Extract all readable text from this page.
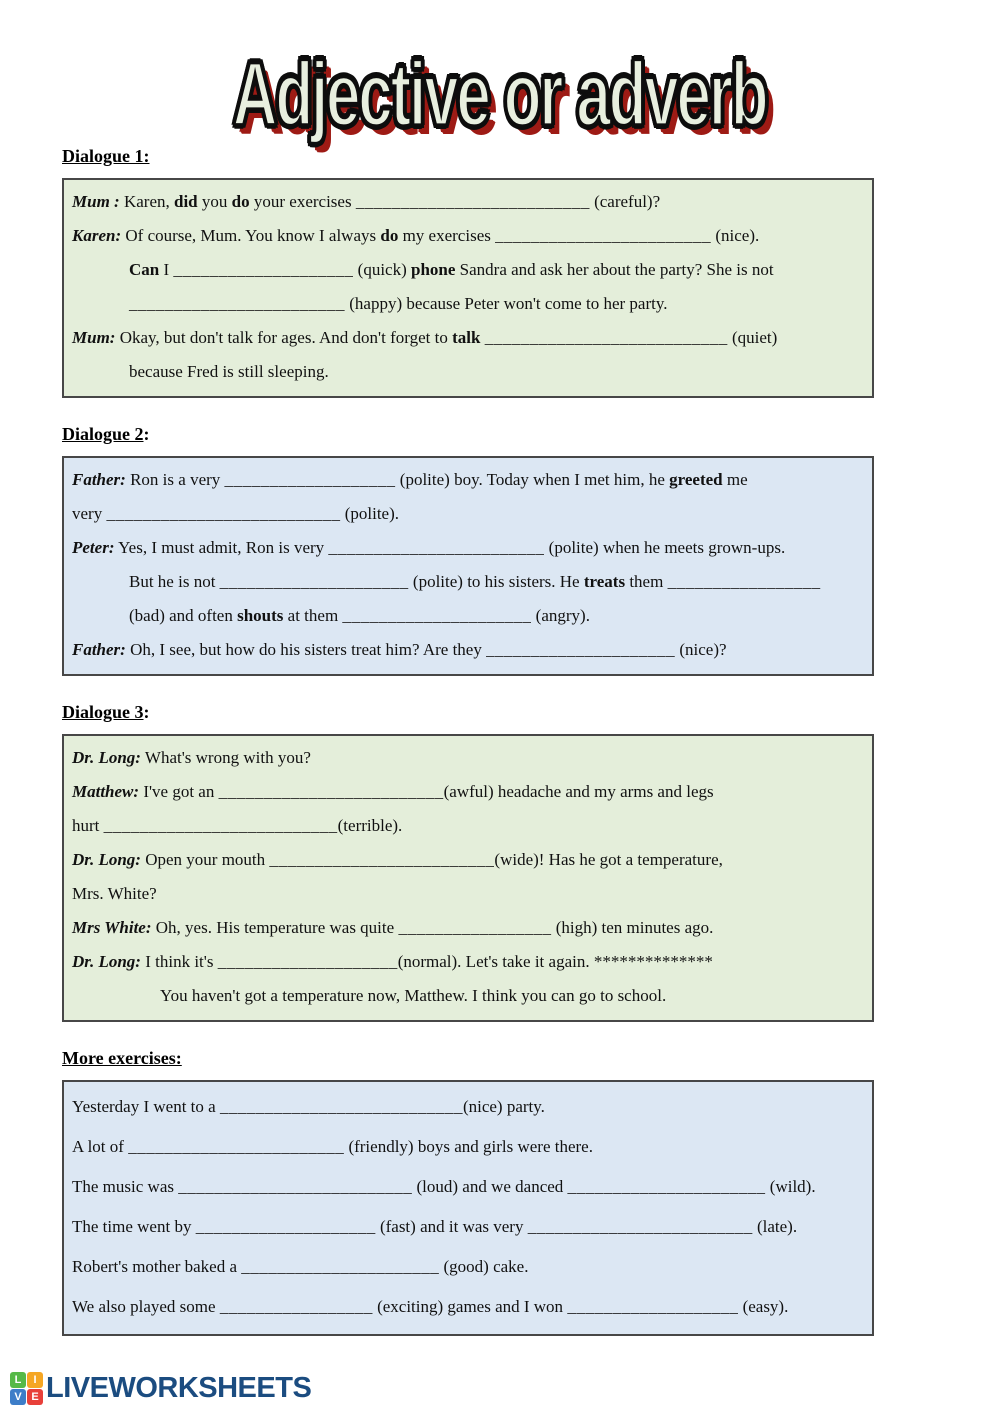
Adjective or adverb
Dialogue 1:

Mum : Karen, did you do your exercises __________________________ (careful)?

Karen: Of course, Mum. You know I always do my exercises ________________________ (nice).

Can I ____________________ (quick) phone Sandra and ask her about the party? She is not

________________________ (happy) because Peter won't come to her party.

Mum: Okay, but don't talk for ages. And don't forget to talk ___________________________ (quiet)

because Fred is still sleeping.

Dialogue 2:

Father: Ron is a very ___________________ (polite) boy. Today when I met him, he greeted me

very __________________________ (polite).

Peter: Yes, I must admit, Ron is very ________________________ (polite) when he meets grown-ups.

But he is not _____________________ (polite) to his sisters. He treats them _________________

(bad) and often shouts at them _____________________ (angry).

Father: Oh, I see, but how do his sisters treat him? Are they _____________________ (nice)?

Dialogue 3:

Dr. Long: What's wrong with you?

Matthew: I've got an _________________________(awful) headache and my arms and legs

hurt __________________________(terrible).

Dr. Long: Open your mouth _________________________(wide)! Has he got a temperature,

Mrs. White?

Mrs White: Oh, yes. His temperature was quite _________________ (high) ten minutes ago.

Dr. Long: I think it's ____________________(normal). Let's take it again. **************

You haven't got a temperature now, Matthew. I think you can go to school.

More exercises:

Yesterday I went to a ___________________________(nice) party.

A lot of ________________________ (friendly) boys and girls were there.

The music was __________________________ (loud) and we danced ______________________ (wild).

The time went by ____________________ (fast) and it was very _________________________ (late).

Robert's mother baked a ______________________ (good) cake.

We also played some _________________ (exciting) games and I won ___________________ (easy).

L	I
V E LIVEWORKSHEETS
